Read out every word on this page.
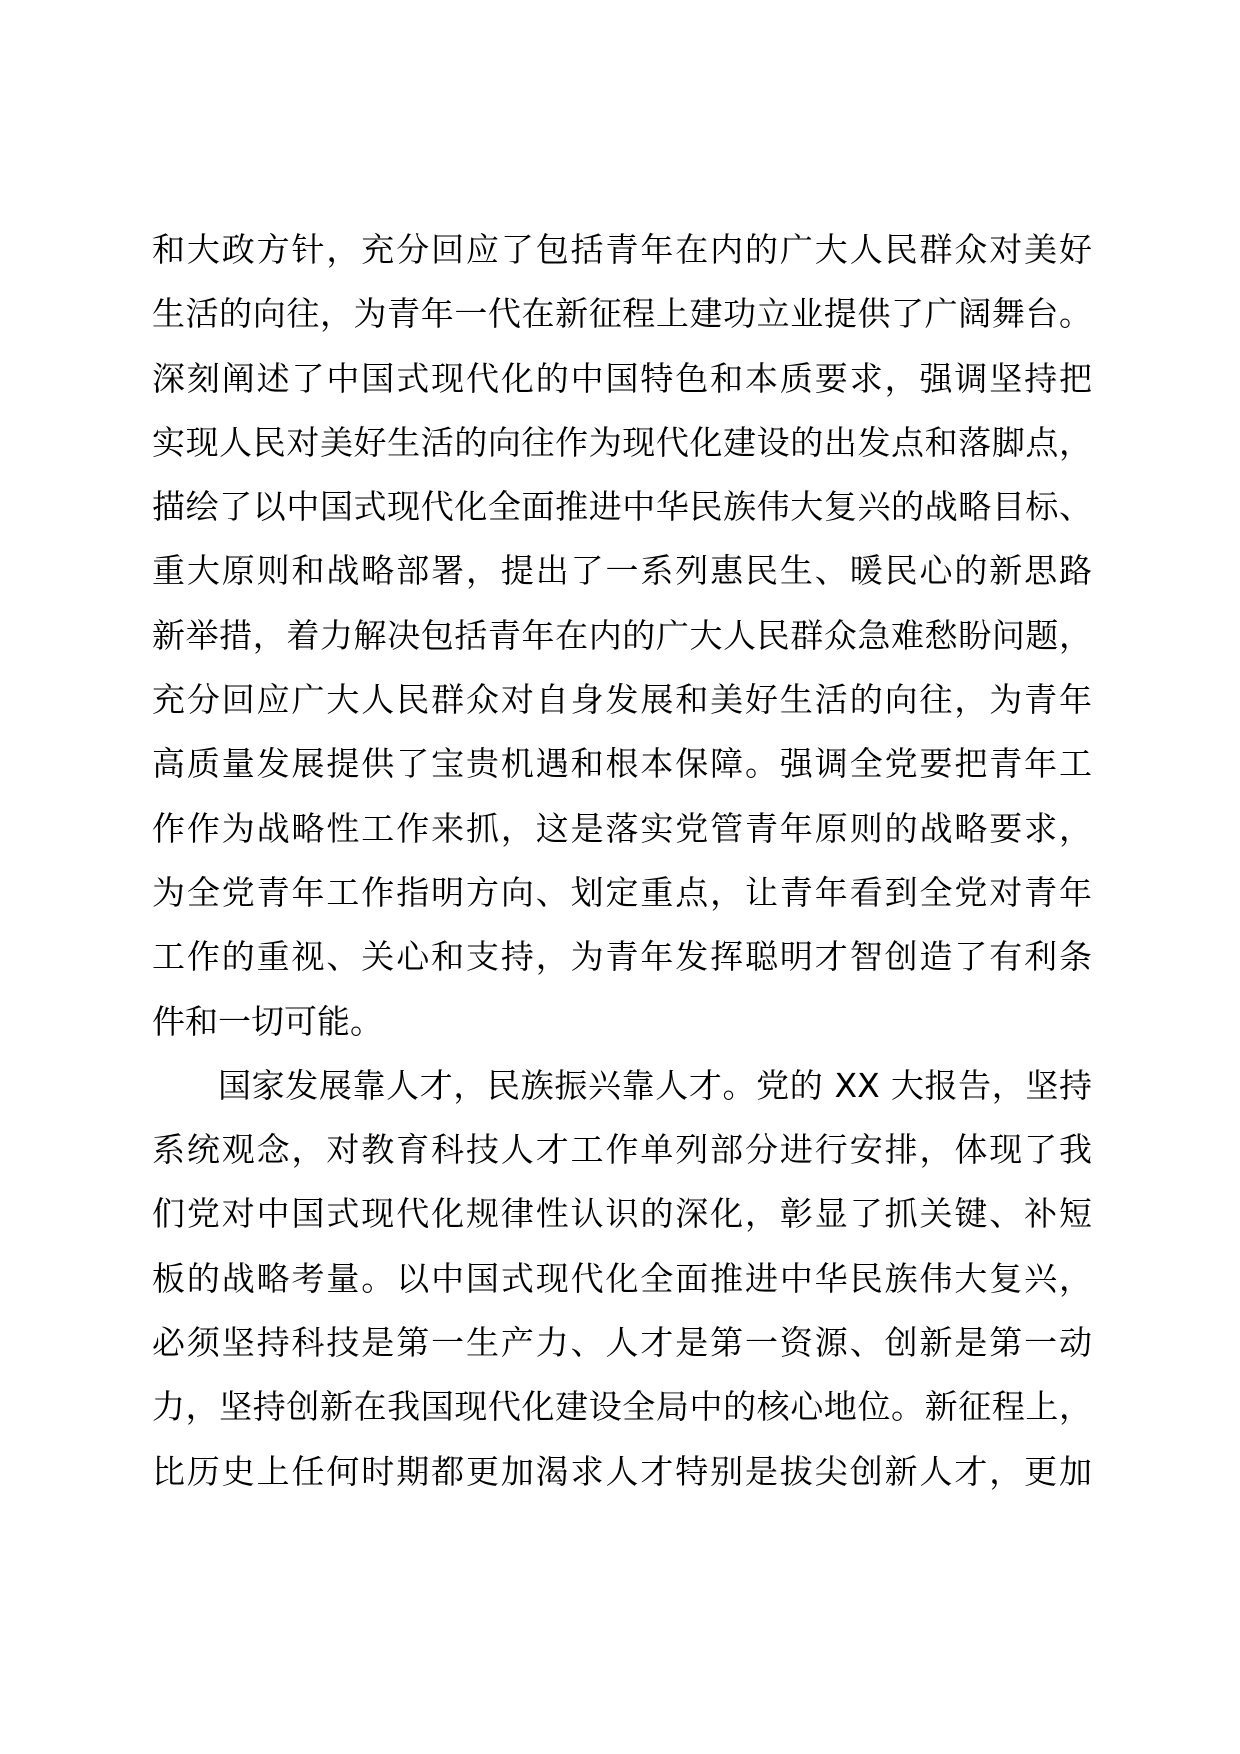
和大政方针，充分回应了包括青年在内的广大人民群众对美好
生活的向往，为青年一代在新征程上建功立业提供了广阔舞台。
深刻阐述了中国式现代化的中国特色和本质要求，强调坚持把
实现人民对美好生活的向往作为现代化建设的出发点和落脚点，
描绘了以中国式现代化全面推进中华民族伟大复兴的战略目标、
重大原则和战略部署，提出了一系列惠民生、暖民心的新思路
新举措，着力解决包括青年在内的广大人民群众急难愁盼问题，
充分回应广大人民群众对自身发展和美好生活的向往，为青年
高质量发展提供了宝贵机遇和根本保障。强调全党要把青年工
作作为战略性工作来抓，这是落实党管青年原则的战略要求，
为全党青年工作指明方向、划定重点，让青年看到全党对青年
工作的重视、关心和支持，为青年发挥聪明才智创造了有利条
件和一切可能。
国家发展靠人才，民族振兴靠人才。党的 XX 大报告，坚持
系统观念，对教育科技人才工作单列部分进行安排，体现了我
们党对中国式现代化规律性认识的深化，彰显了抓关键、补短
板的战略考量。以中国式现代化全面推进中华民族伟大复兴，
必须坚持科技是第一生产力、人才是第一资源、创新是第一动
力，坚持创新在我国现代化建设全局中的核心地位。新征程上，
比历史上任何时期都更加渴求人才特别是拔尖创新人才，更加
